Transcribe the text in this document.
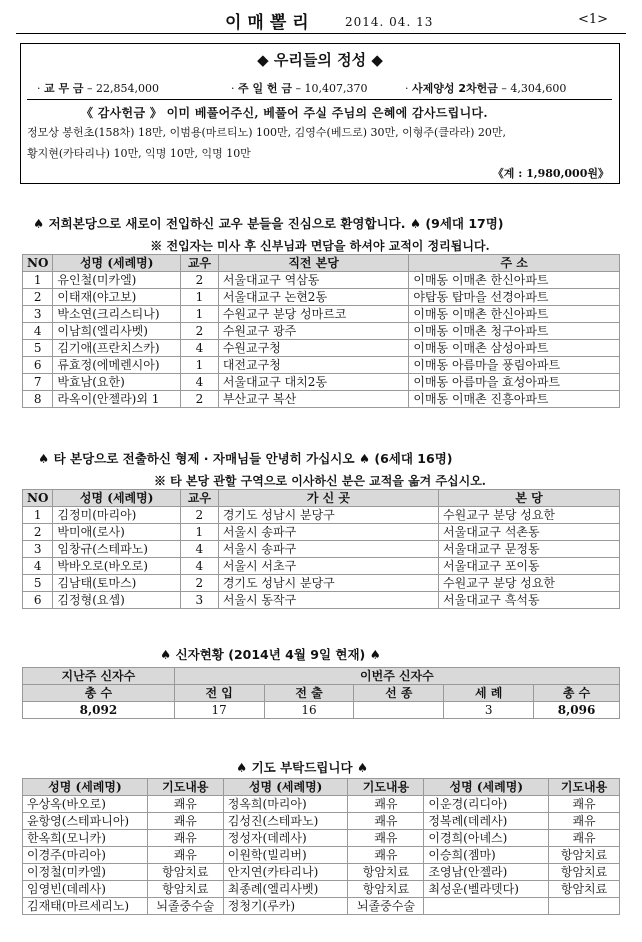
이매뽈리	2014. 04. 13	<1>
◆ 우리들의 정성 ◆
· 교 무 금 – 22,854,000	· 주 일 헌 금 – 10,407,370	· 사제양성 2차헌금 – 4,304,600
《 감사헌금 》 이미 베풀어주신, 베풀어 주실 주님의 은혜에 감사드립니다.
정모상 봉헌초(158차) 18만, 이범용(마르티노) 100만, 김영수(베드로) 30만, 이형주(클라라) 20만,
황지현(카타리나) 10만, 익명 10만, 익명 10만
《계 : 1,980,000원》
♠ 저희본당으로 새로이 전입하신 교우 분들을 진심으로 환영합니다. ♠ (9세대 17명)
※ 전입자는 미사 후 신부님과 면담을 하셔야 교적이 정리됩니다.
NO	성명 (세례명)	교우	직전 본당	주 소
1	유인철(미카엘)	2	서울대교구 역삼동	이매동 이매촌 한신아파트
2	이태재(야고보)	1	서울대교구 논현2동	야탑동 탑마을 선경아파트
3	박소연(크리스티나)	1	수원교구 분당 성마르코	이매동 이매촌 한신아파트
4	이남희(엘리사벳)	2	수원교구 광주	이매동 이매촌 청구아파트
5	김기애(프란치스카)	4	수원교구청	이매동 이매촌 삼성아파트
6	류효정(에메렌시아)	1	대전교구청	이매동 아름마을 풍림아파트
7	박효남(요한)	4	서울대교구 대치2동	이매동 아름마을 효성아파트
8	라옥이(안젤라)외 1	2	부산교구 복산	이매동 이매촌 진흥아파트
♠ 타 본당으로 전출하신 형제 · 자매님들 안녕히 가십시오 ♠ (6세대 16명)
※ 타 본당 관할 구역으로 이사하신 분은 교적을 옮겨 주십시오.
NO	성명 (세례명)	교우	가 신 곳	본 당
1	김정미(마리아)	2	경기도 성남시 분당구	수원교구 분당 성요한
2	박미애(로사)	1	서울시 송파구	서울대교구 석촌동
3	임창규(스테파노)	4	서울시 송파구	서울대교구 문정동
4	박바오로(바오로)	4	서울시 서초구	서울대교구 포이동
5	김남태(토마스)	2	경기도 성남시 분당구	수원교구 분당 성요한
6	김정형(요셉)	3	서울시 동작구	서울대교구 흑석동
♠ 신자현황 (2014년 4월 9일 현재) ♠
지난주 신자수	이번주 신자수				
총 수	전 입	전 출	선 종	세 례	총 수
8,092	17	16		3	8,096
♠ 기도 부탁드립니다 ♠
성명 (세례명)	기도내용	성명 (세례명)	기도내용	성명 (세례명)	기도내용
우상옥(바오로)	쾌유	정옥희(마리아)	쾌유	이운경(리디아)	쾌유
윤항영(스테파니아)	쾌유	김성진(스테파노)	쾌유	정복례(데레사)	쾌유
한옥희(모니카)	쾌유	정성자(데레사)	쾌유	이경희(아녜스)	쾌유
이경주(마리아)	쾌유	이원학(빌리버)	쾌유	이승희(젬마)	항암치료
이정철(미카엘)	항암치료	안지연(카타리나)	항암치료	조영남(안젤라)	항암치료
임영빈(데레사)	항암치료	최종례(엘리사벳)	항암치료	최성운(벨라뎃다)	항암치료
김재태(마르세리노)	뇌졸중수술	정청기(루카)	뇌졸중수술		
